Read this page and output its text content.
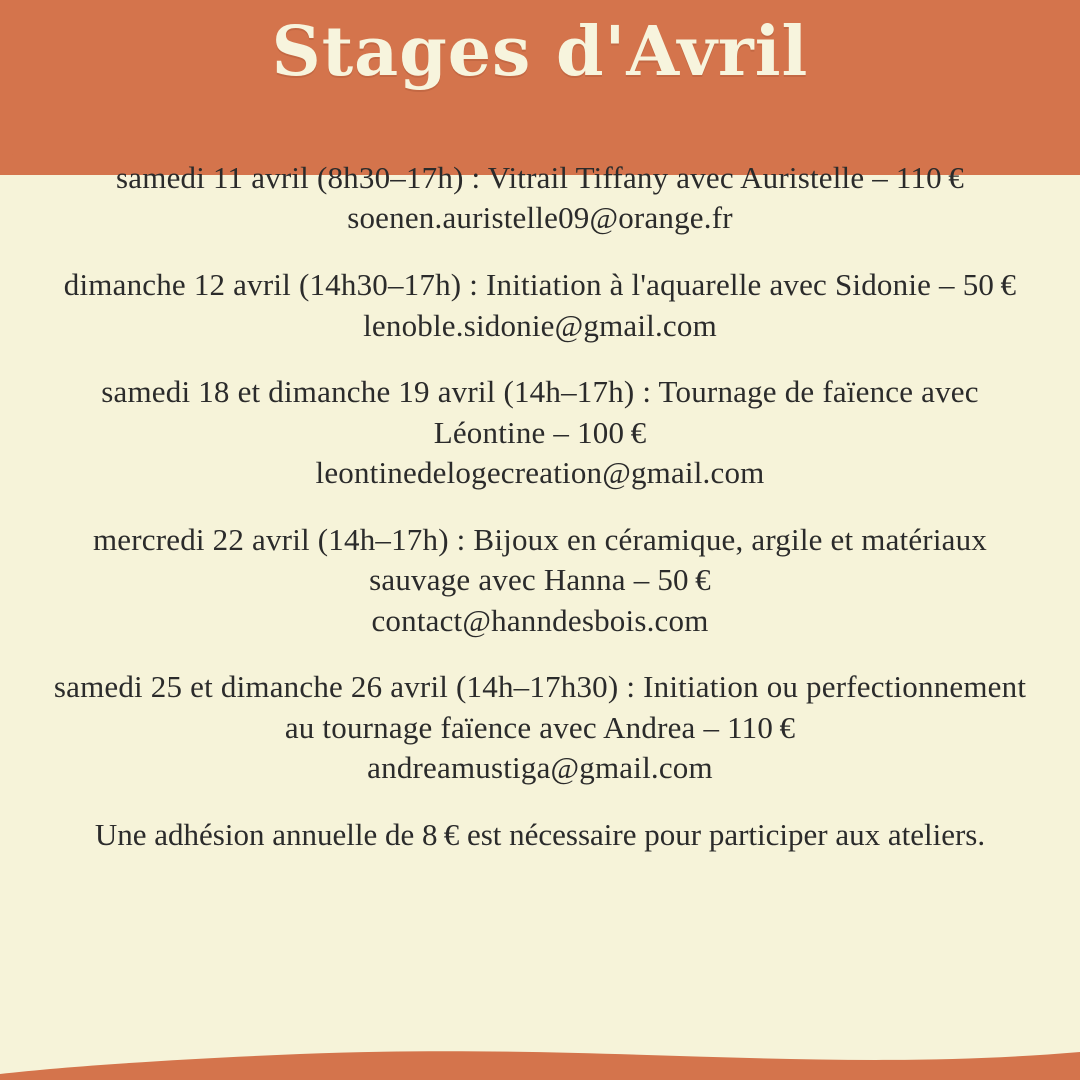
Stages d'Avril
samedi 11 avril (8h30–17h) : Vitrail Tiffany avec Auristelle – 110 €
soenen.auristelle09@orange.fr
dimanche 12 avril (14h30–17h) : Initiation à l'aquarelle avec Sidonie – 50 €
lenoble.sidonie@gmail.com
samedi 18 et dimanche 19 avril (14h–17h) : Tournage de faïence avec Léontine – 100 €
leontinedelogecreation@gmail.com
mercredi 22 avril (14h–17h) : Bijoux en céramique, argile et matériaux sauvage avec Hanna – 50 €
contact@hanndesbois.com
samedi 25 et dimanche 26 avril (14h–17h30) : Initiation ou perfectionnement au tournage faïence avec Andrea – 110 €
andreamustiga@gmail.com
Une adhésion annuelle de 8 € est nécessaire pour participer aux ateliers.
